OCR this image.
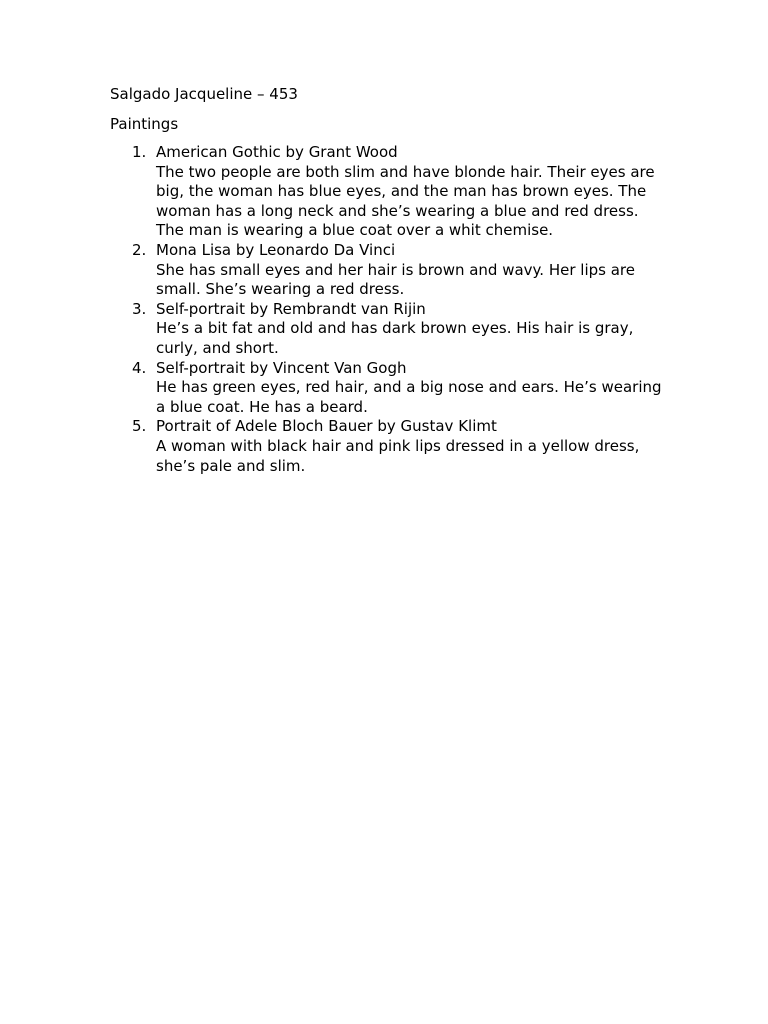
Salgado Jacqueline – 453

Paintings

1. American Gothic by Grant Wood
The two people are both slim and have blonde hair. Their eyes are big, the woman has blue eyes, and the man has brown eyes. The woman has a long neck and she’s wearing a blue and red dress. The man is wearing a blue coat over a whit chemise.
2. Mona Lisa by Leonardo Da Vinci
She has small eyes and her hair is brown and wavy. Her lips are small. She’s wearing a red dress.
3. Self-portrait by Rembrandt van Rijin
He’s a bit fat and old and has dark brown eyes. His hair is gray, curly, and short.
4. Self-portrait by Vincent Van Gogh
He has green eyes, red hair, and a big nose and ears. He’s wearing a blue coat. He has a beard.
5. Portrait of Adele Bloch Bauer by Gustav Klimt
A woman with black hair and pink lips dressed in a yellow dress, she’s pale and slim.
